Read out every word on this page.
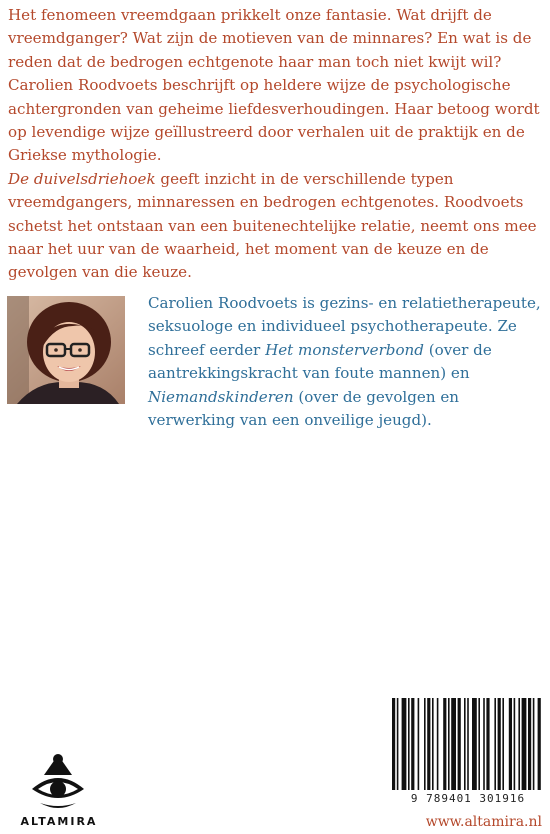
Het fenomeen vreemdgaan prikkelt onze fantasie. Wat drijft de vreemdganger? Wat zijn de motieven van de minnares? En wat is de reden dat de bedrogen echtgenote haar man toch niet kwijt wil? Carolien Roodvoets beschrijft op heldere wijze de psychologische achtergronden van geheime liefdesverhoudingen. Haar betoog wordt op levendige wijze geïllustreerd door verhalen uit de praktijk en de Griekse mythologie.

De duivelsdriehoek geeft inzicht in de verschillende typen vreemdgangers, minnaressen en bedrogen echtgenotes. Roodvoets schetst het ontstaan van een buitenechtelijke relatie, neemt ons mee naar het uur van de waarheid, het moment van de keuze en de gevolgen van die keuze.

Carolien Roodvoets is gezins- en relatietherapeute, seksuologe en individueel psychotherapeute. Ze schreef eerder Het monsterverbond (over de aantrekkingskracht van foute mannen) en Niemandskinderen (over de gevolgen en verwerking van een onveilige jeugd).

ALTAMIRA
9 789401 301916
www.altamira.nl
